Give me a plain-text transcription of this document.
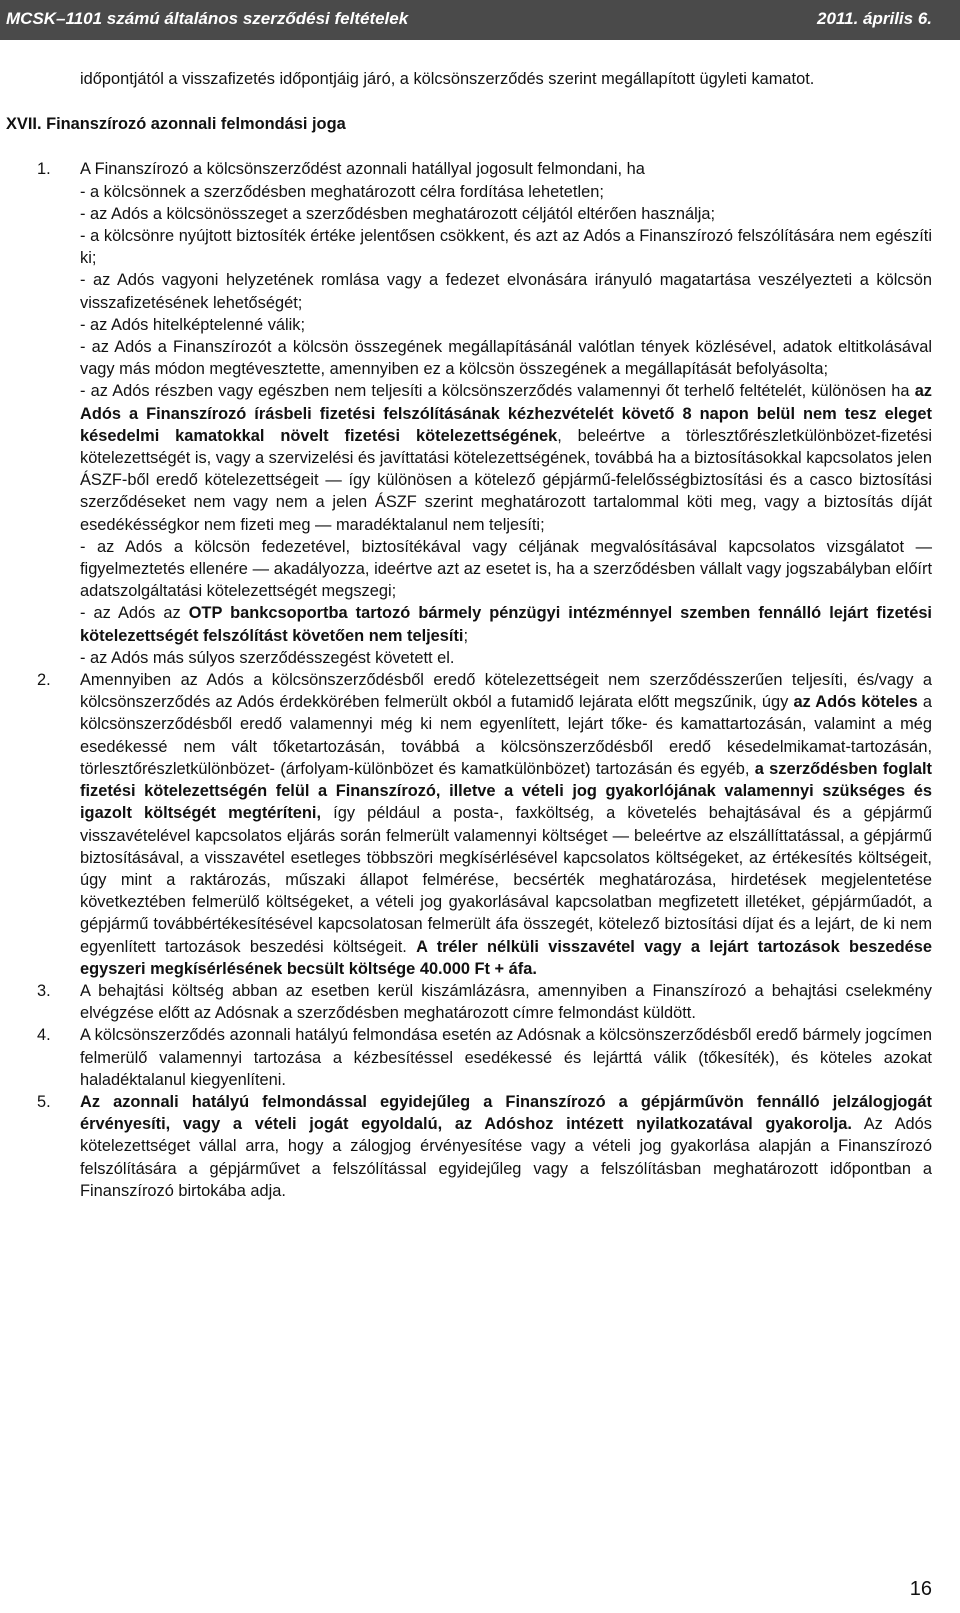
MCSK–1101 számú általános szerződési feltételek	2011. április 6.

időpontjától a visszafizetés időpontjáig járó, a kölcsönszerződés szerint megállapított ügyleti kamatot.

XVII. Finanszírozó azonnali felmondási joga

1. A Finanszírozó a kölcsönszerződést azonnali hatállyal jogosult felmondani, ha

- a kölcsönnek a szerződésben meghatározott célra fordítása lehetetlen;

- az Adós a kölcsönösszeget a szerződésben meghatározott céljától eltérően használja;

- a kölcsönre nyújtott biztosíték értéke jelentősen csökkent, és azt az Adós a Finanszírozó felszólítására nem egészíti ki;

- az Adós vagyoni helyzetének romlása vagy a fedezet elvonására irányuló magatartása veszélyezteti a kölcsön visszafizetésének lehetőségét;

- az Adós hitelképtelenné válik;

- az Adós a Finanszírozót a kölcsön összegének megállapításánál valótlan tények közlésével, adatok eltitkolásával vagy más módon megtévesztette, amennyiben ez a kölcsön összegének a megállapítását befolyásolta;

- az Adós részben vagy egészben nem teljesíti a kölcsönszerződés valamennyi őt terhelő feltételét, különösen ha az Adós a Finanszírozó írásbeli fizetési felszólításának kézhezvételét követő 8 napon belül nem tesz eleget késedelmi kamatokkal növelt fizetési kötelezettségének, beleértve a törlesztőrészletkülönbözet-fizetési kötelezettségét is, vagy a szervizelési és javíttatási kötelezettségének, továbbá ha a biztosításokkal kapcsolatos jelen ÁSZF-ből eredő kötelezettségeit — így különösen a kötelező gépjármű-felelősségbiztosítási és a casco biztosítási szerződéseket nem vagy nem a jelen ÁSZF szerint meghatározott tartalommal köti meg, vagy a biztosítás díját esedékésségkor nem fizeti meg — maradéktalanul nem teljesíti;

- az Adós a kölcsön fedezetével, biztosítékával vagy céljának megvalósításával kapcsolatos vizsgálatot — figyelmeztetés ellenére — akadályozza, ideértve azt az esetet is, ha a szerződésben vállalt vagy jogszabályban előírt adatszolgáltatási kötelezettségét megszegi;

- az Adós az OTP bankcsoportba tartozó bármely pénzügyi intézménnyel szemben fennálló lejárt fizetési kötelezettségét felszólítást követően nem teljesíti;

- az Adós más súlyos szerződésszegést követett el.

2. Amennyiben az Adós a kölcsönszerződésből eredő kötelezettségeit nem szerződésszerűen teljesíti, és/vagy a kölcsönszerződés az Adós érdekkörében felmerült okból a futamidő lejárata előtt megszűnik, úgy az Adós köteles a kölcsönszerződésből eredő valamennyi még ki nem egyenlített, lejárt tőke- és kamattartozásán, valamint a még esedékessé nem vált tőketartozásán, továbbá a kölcsönszerződésből eredő késedelmikamat-tartozásán, törlesztőrészletkülönbözet- (árfolyam-különbözet és kamatkülönbözet) tartozásán és egyéb, a szerződésben foglalt fizetési kötelezettségén felül a Finanszírozó, illetve a vételi jog gyakorlójának valamennyi szükséges és igazolt költségét megtéríteni, így például a posta-, faxköltség, a követelés behajtásával és a gépjármű visszavételével kapcsolatos eljárás során felmerült valamennyi költséget — beleértve az elszállíttatással, a gépjármű biztosításával, a visszavétel esetleges többszöri megkísérlésével kapcsolatos költségeket, az értékesítés költségeit, úgy mint a raktározás, műszaki állapot felmérése, becsérték meghatározása, hirdetések megjelentetése következtében felmerülő költségeket, a vételi jog gyakorlásával kapcsolatban megfizetett illetéket, gépjárműadót, a gépjármű továbbértékesítésével kapcsolatosan felmerült áfa összegét, kötelező biztosítási díjat és a lejárt, de ki nem egyenlített tartozások beszedési költségeit. A tréler nélküli visszavétel vagy a lejárt tartozások beszedése egyszeri megkísérlésének becsült költsége 40.000 Ft + áfa.

3. A behajtási költség abban az esetben kerül kiszámlázásra, amennyiben a Finanszírozó a behajtási cselekmény elvégzése előtt az Adósnak a szerződésben meghatározott címre felmondást küldött.

4. A kölcsönszerződés azonnali hatályú felmondása esetén az Adósnak a kölcsönszerződésből eredő bármely jogcímen felmerülő valamennyi tartozása a kézbesítéssel esedékessé és lejárttá válik (tőkesíték), és köteles azokat haladéktalanul kiegyenlíteni.

5. Az azonnali hatályú felmondással egyidejűleg a Finanszírozó a gépjárművön fennálló jelzálogjogát érvényesíti, vagy a vételi jogát egyoldalú, az Adóshoz intézett nyilatkozatával gyakorolja. Az Adós kötelezettséget vállal arra, hogy a zálogjog érvényesítése vagy a vételi jog gyakorlása alapján a Finanszírozó felszólítására a gépjárművet a felszólítással egyidejűleg vagy a felszólításban meghatározott időpontban a Finanszírozó birtokába adja.

16
